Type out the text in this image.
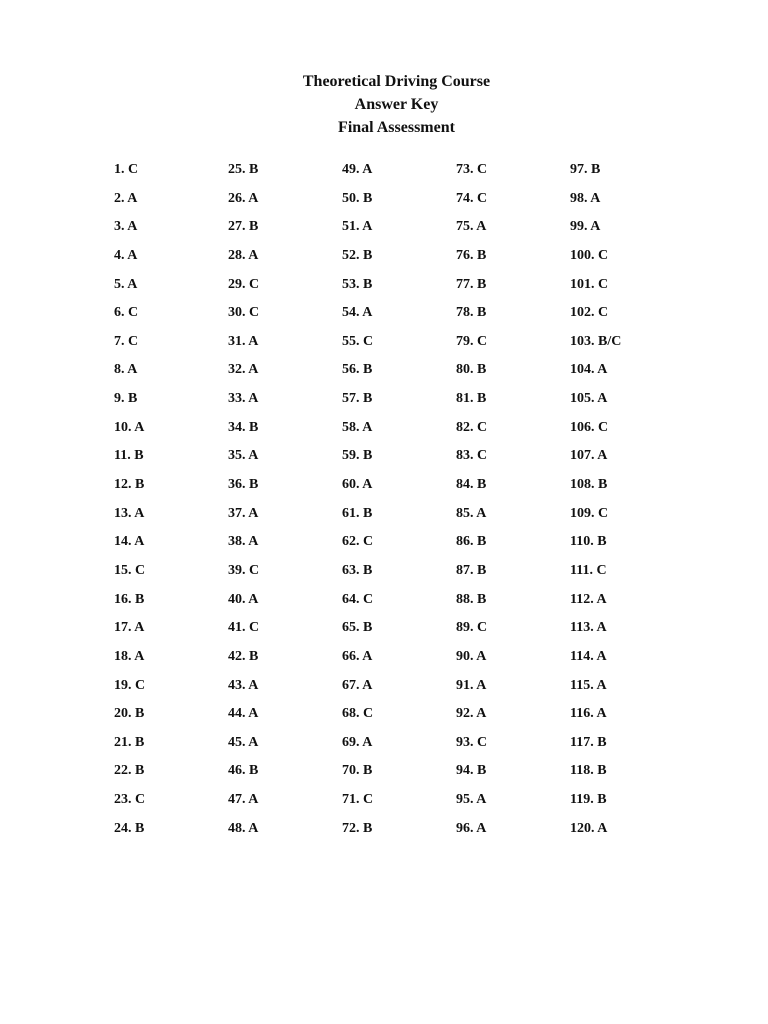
Theoretical Driving Course
Answer Key
Final Assessment
1. C
2. A
3. A
4. A
5. A
6. C
7. C
8. A
9. B
10. A
11. B
12. B
13. A
14. A
15. C
16. B
17. A
18. A
19. C
20. B
21. B
22. B
23. C
24. B
25. B
26. A
27. B
28. A
29. C
30. C
31. A
32. A
33. A
34. B
35. A
36. B
37. A
38. A
39. C
40. A
41. C
42. B
43. A
44. A
45. A
46. B
47. A
48. A
49. A
50. B
51. A
52. B
53. B
54. A
55. C
56. B
57. B
58. A
59. B
60. A
61. B
62. C
63. B
64. C
65. B
66. A
67. A
68. C
69. A
70. B
71. C
72. B
73. C
74. C
75. A
76. B
77. B
78. B
79. C
80. B
81. B
82. C
83. C
84. B
85. A
86. B
87. B
88. B
89. C
90. A
91. A
92. A
93. C
94. B
95. A
96. A
97. B
98. A
99. A
100. C
101. C
102. C
103. B/C
104. A
105. A
106. C
107. A
108. B
109. C
110. B
111. C
112. A
113. A
114. A
115. A
116. A
117. B
118. B
119. B
120. A
